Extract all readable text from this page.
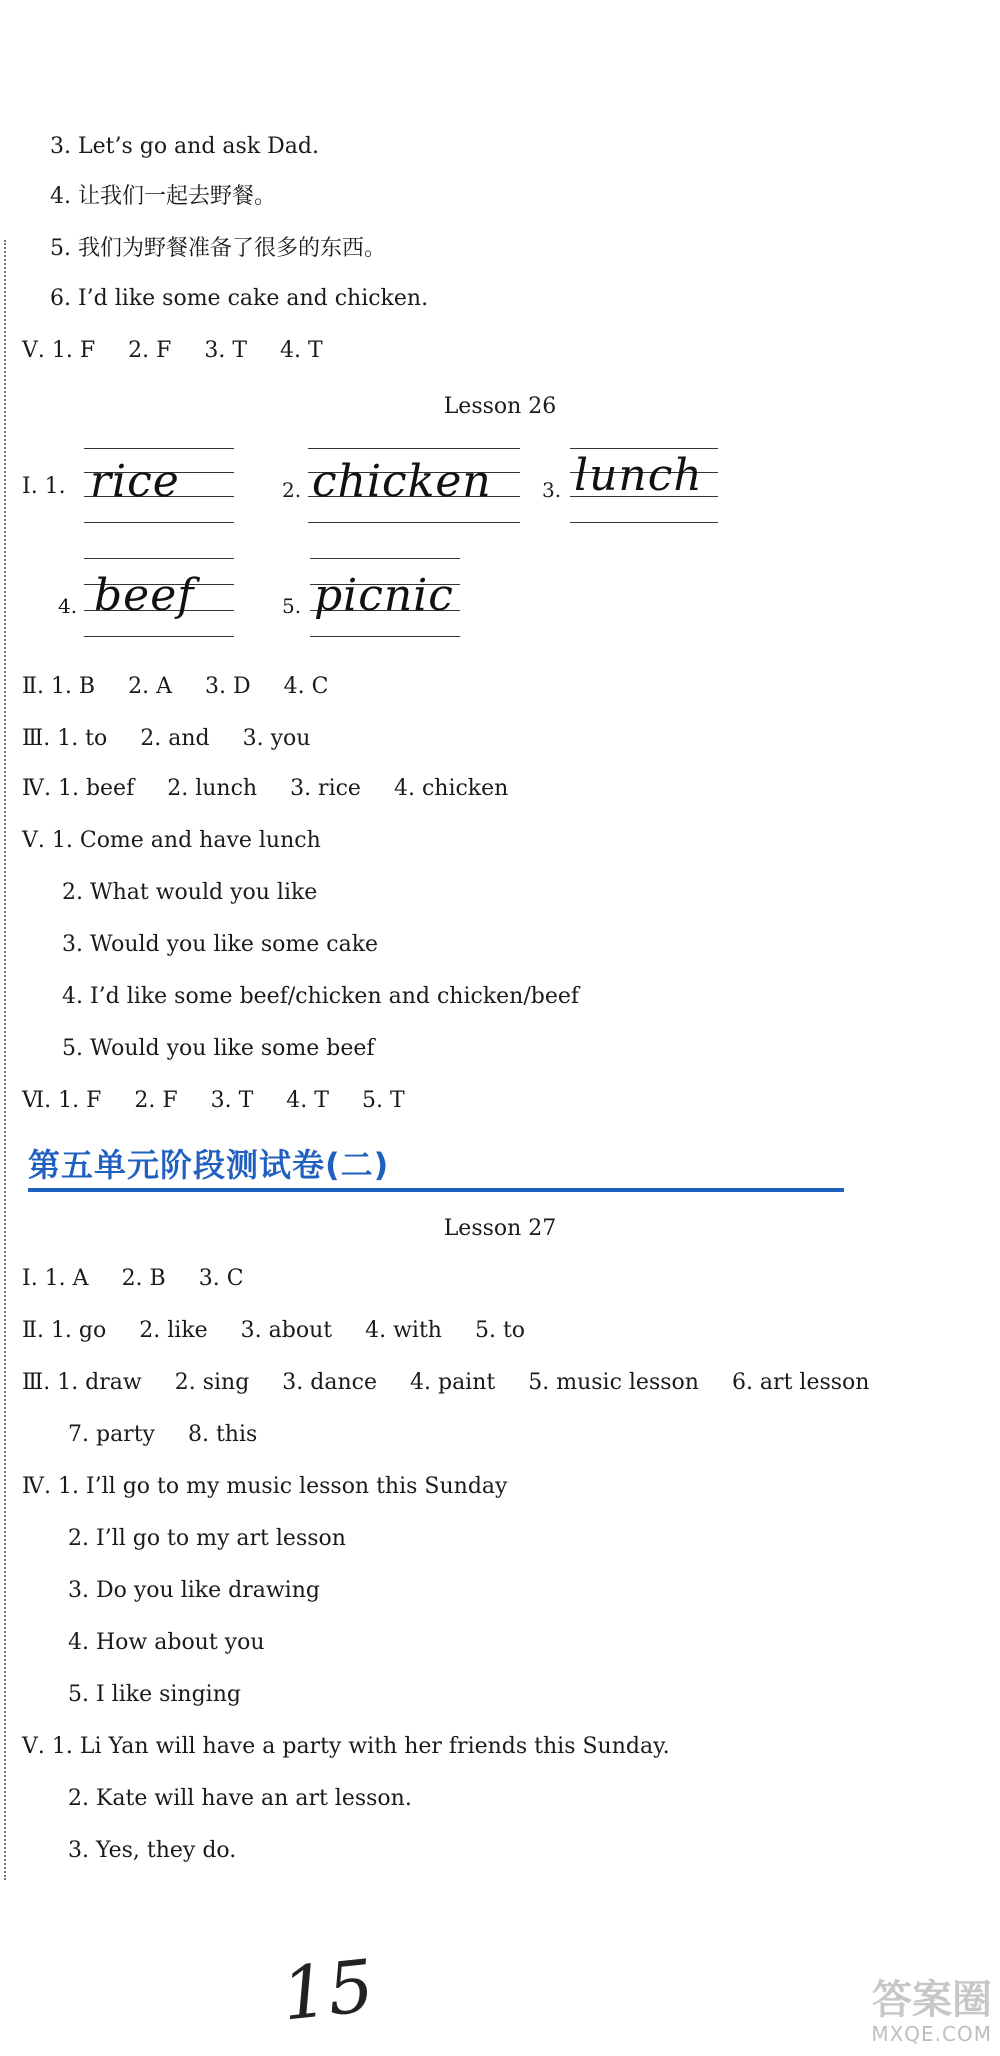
3. Let’s go and ask Dad.
4. 让我们一起去野餐。
5. 我们为野餐准备了很多的东西。
6. I’d like some cake and chicken.
Ⅴ. 1. F 2. F 3. T 4. T
Lesson 26
Ⅰ. 1. rice	2. chicken	3. lunch
4. beef	5. picnic
Ⅱ. 1. B 2. A 3. D 4. C
Ⅲ. 1. to 2. and 3. you
Ⅳ. 1. beef 2. lunch 3. rice 4. chicken
Ⅴ. 1. Come and have lunch
2. What would you like
3. Would you like some cake
4. I’d like some beef/chicken and chicken/beef
5. Would you like some beef
Ⅵ. 1. F 2. F 3. T 4. T 5. T
第五单元阶段测试卷(二)
Lesson 27
Ⅰ. 1. A 2. B 3. C
Ⅱ. 1. go 2. like 3. about 4. with 5. to
Ⅲ. 1. draw 2. sing 3. dance 4. paint 5. music lesson 6. art lesson
7. party 8. this
Ⅳ. 1. I’ll go to my music lesson this Sunday
2. I’ll go to my art lesson
3. Do you like drawing
4. How about you
5. I like singing
Ⅴ. 1. Li Yan will have a party with her friends this Sunday.
2. Kate will have an art lesson.
3. Yes, they do.
15	答案圈
MXQE.COM
